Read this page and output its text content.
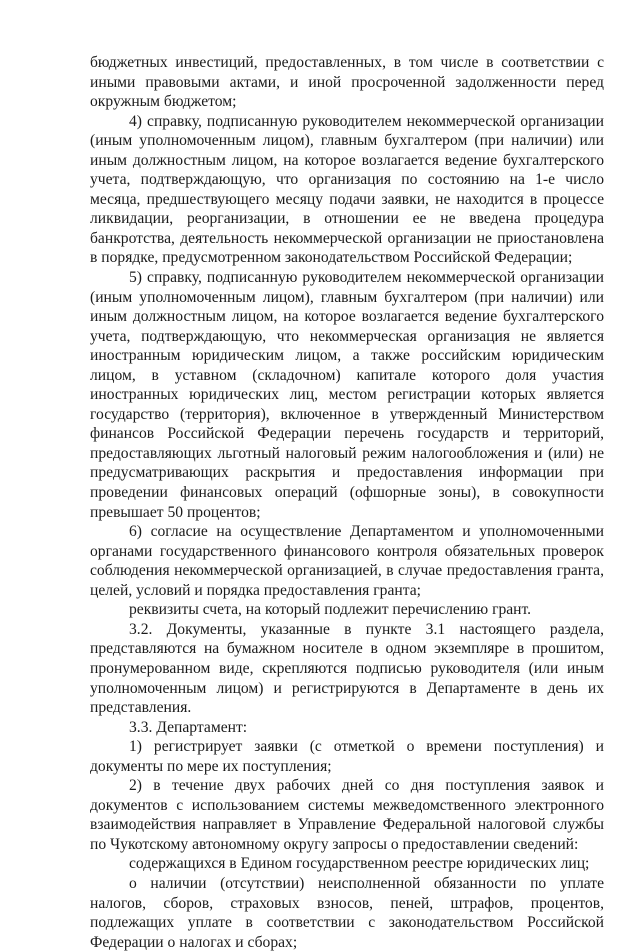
бюджетных инвестиций, предоставленных, в том числе в соответствии с иными правовыми актами, и иной просроченной задолженности перед окружным бюджетом;

4) справку, подписанную руководителем некоммерческой организации (иным уполномоченным лицом), главным бухгалтером (при наличии) или иным должностным лицом, на которое возлагается ведение бухгалтерского учета, подтверждающую, что организация по состоянию на 1-е число месяца, предшествующего месяцу подачи заявки, не находится в процессе ликвидации, реорганизации, в отношении ее не введена процедура банкротства, деятельность некоммерческой организации не приостановлена в порядке, предусмотренном законодательством Российской Федерации;

5) справку, подписанную руководителем некоммерческой организации (иным уполномоченным лицом), главным бухгалтером (при наличии) или иным должностным лицом, на которое возлагается ведение бухгалтерского учета, подтверждающую, что некоммерческая организация не является иностранным юридическим лицом, а также российским юридическим лицом, в уставном (складочном) капитале которого доля участия иностранных юридических лиц, местом регистрации которых является государство (территория), включенное в утвержденный Министерством финансов Российской Федерации перечень государств и территорий, предоставляющих льготный налоговый режим налогообложения и (или) не предусматривающих раскрытия и предоставления информации при проведении финансовых операций (офшорные зоны), в совокупности превышает 50 процентов;

6) согласие на осуществление Департаментом и уполномоченными органами государственного финансового контроля обязательных проверок соблюдения некоммерческой организацией, в случае предоставления гранта, целей, условий и порядка предоставления гранта;

реквизиты счета, на который подлежит перечислению грант.

3.2. Документы, указанные в пункте 3.1 настоящего раздела, представляются на бумажном носителе в одном экземпляре в прошитом, пронумерованном виде, скрепляются подписью руководителя (или иным уполномоченным лицом) и регистрируются в Департаменте в день их представления.

3.3. Департамент:

1) регистрирует заявки (с отметкой о времени поступления) и документы по мере их поступления;

2) в течение двух рабочих дней со дня поступления заявок и документов с использованием системы межведомственного электронного взаимодействия направляет в Управление Федеральной налоговой службы по Чукотскому автономному округу запросы о предоставлении сведений:

содержащихся в Едином государственном реестре юридических лиц;

о наличии (отсутствии) неисполненной обязанности по уплате налогов, сборов, страховых взносов, пеней, штрафов, процентов, подлежащих уплате в соответствии с законодательством Российской Федерации о налогах и сборах;
